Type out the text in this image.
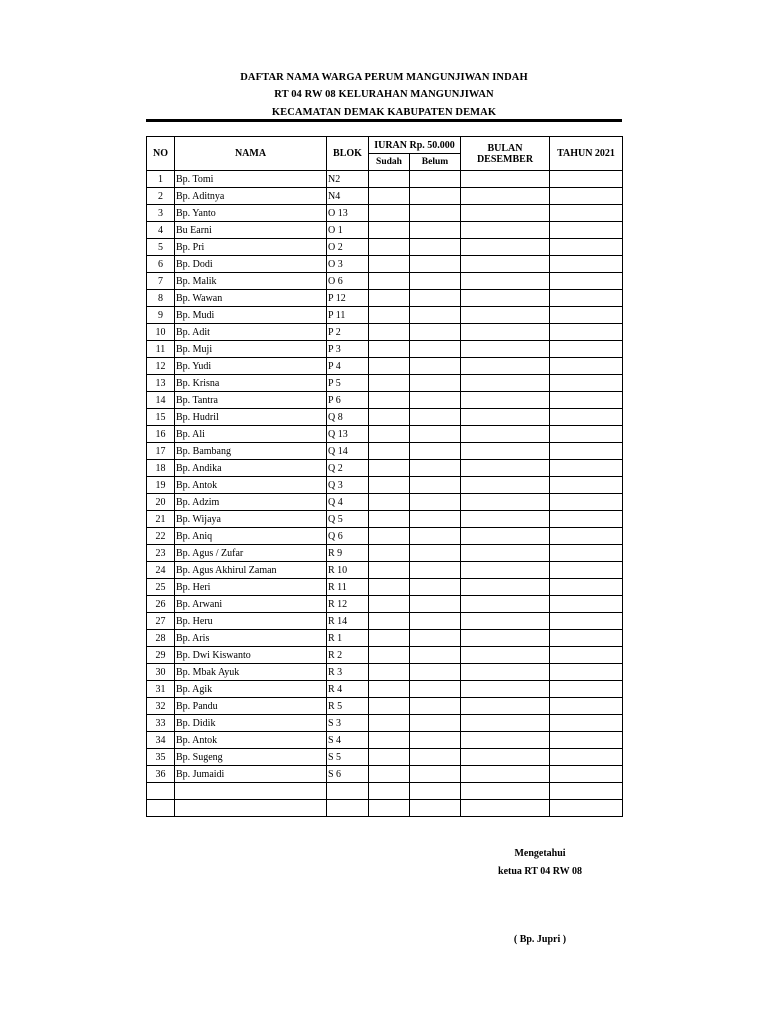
DAFTAR NAMA WARGA PERUM MANGUNJIWAN INDAH
RT 04 RW 08 KELURAHAN MANGUNJIWAN
KECAMATAN DEMAK KABUPATEN DEMAK
NO	NAMA	BLOK	IURAN Rp. 50.000		BULAN DESEMBER	TAHUN 2021
			Sudah	Belum		
1	Bp. Tomi	N2				
2	Bp. Aditnya	N4				
3	Bp. Yanto	O 13				
4	Bu Earni	O 1				
5	Bp. Pri	O 2				
6	Bp. Dodi	O 3				
7	Bp. Malik	O 6				
8	Bp. Wawan	P 12				
9	Bp. Mudi	P 11				
10	Bp. Adit	P 2				
11	Bp. Muji	P 3				
12	Bp. Yudi	P 4				
13	Bp. Krisna	P 5				
14	Bp. Tantra	P 6				
15	Bp. Hudril	Q 8				
16	Bp. Ali	Q 13				
17	Bp. Bambang	Q 14				
18	Bp. Andika	Q 2				
19	Bp. Antok	Q 3				
20	Bp. Adzim	Q 4				
21	Bp. Wijaya	Q 5				
22	Bp. Aniq	Q 6				
23	Bp. Agus / Zufar	R 9				
24	Bp. Agus Akhirul Zaman	R 10				
25	Bp. Heri	R 11				
26	Bp. Arwani	R 12				
27	Bp. Heru	R 14				
28	Bp. Aris	R 1				
29	Bp. Dwi Kiswanto	R 2				
30	Bp. Mbak Ayuk	R 3				
31	Bp. Agik	R 4				
32	Bp. Pandu	R 5				
33	Bp. Didik	S 3				
34	Bp. Antok	S 4				
35	Bp. Sugeng	S 5				
36	Bp. Jumaidi	S 6				

Mengetahui
ketua RT 04 RW 08
( Bp. Jupri )
